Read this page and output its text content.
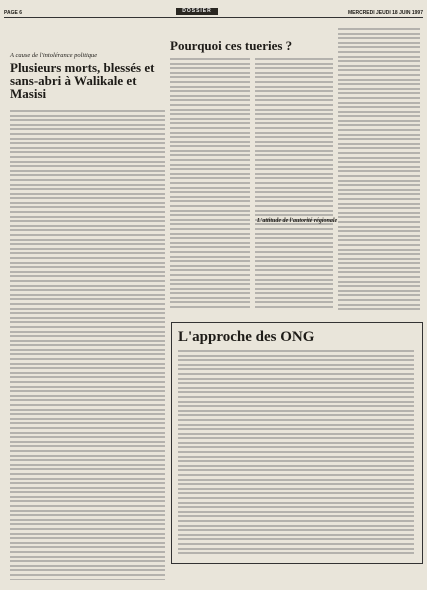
PAGE 6	DOSSIER	MERCREDI JEUDI 18 JUIN 1997
A cause de l'intolérance politique
Plusieurs morts, blessés et sans-abri à Walikale et Masisi
Pourquoi ces tueries ?
L'attitude de l'autorité régionale
L'approche des ONG
